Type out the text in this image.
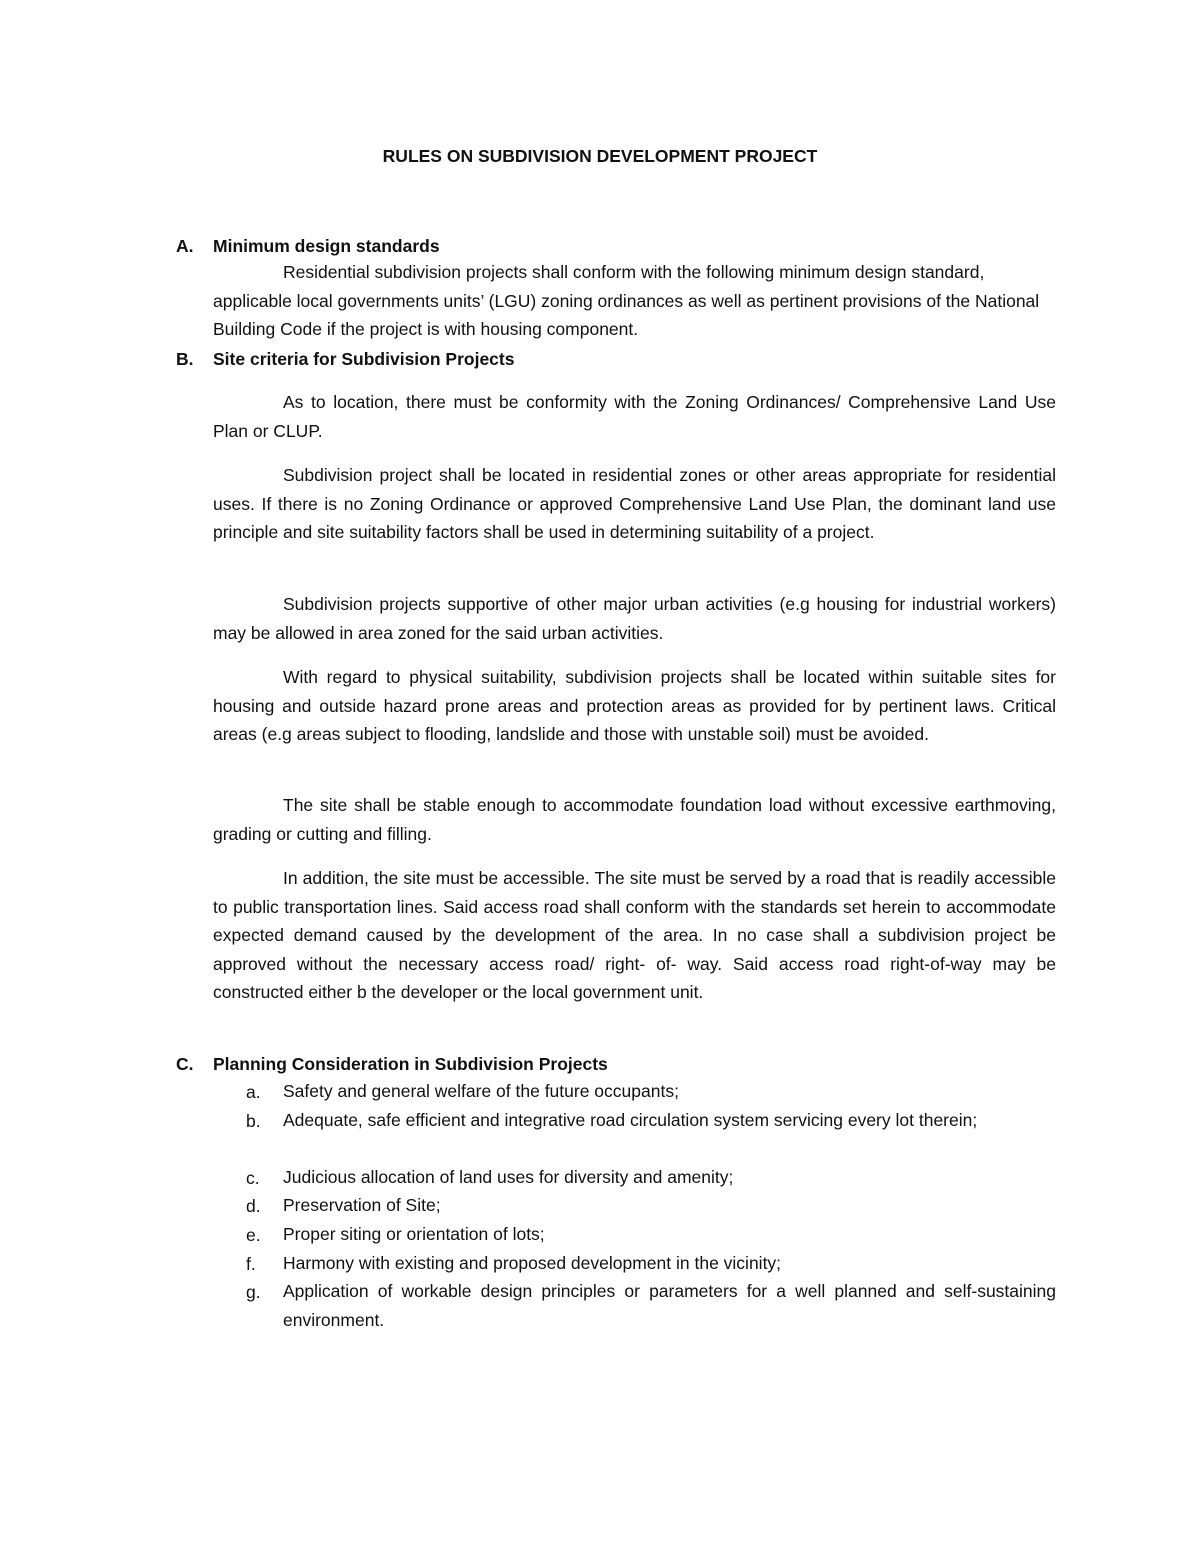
RULES ON SUBDIVISION DEVELOPMENT PROJECT
A. Minimum design standards

Residential subdivision projects shall conform with the following minimum design standard, applicable local governments units’ (LGU) zoning ordinances as well as pertinent provisions of the National Building Code if the project is with housing component.

B. Site criteria for Subdivision Projects

As to location, there must be conformity with the Zoning Ordinances/ Comprehensive Land Use Plan or CLUP.

Subdivision project shall be located in residential zones or other areas appropriate for residential uses. If there is no Zoning Ordinance or approved Comprehensive Land Use Plan, the dominant land use principle and site suitability factors shall be used in determining suitability of a project.

Subdivision projects supportive of other major urban activities (e.g housing for industrial workers) may be allowed in area zoned for the said urban activities.

With regard to physical suitability, subdivision projects shall be located within suitable sites for housing and outside hazard prone areas and protection areas as provided for by pertinent laws. Critical areas (e.g areas subject to flooding, landslide and those with unstable soil) must be avoided.

The site shall be stable enough to accommodate foundation load without excessive earthmoving, grading or cutting and filling.

In addition, the site must be accessible. The site must be served by a road that is readily accessible to public transportation lines. Said access road shall conform with the standards set herein to accommodate expected demand caused by the development of the area. In no case shall a subdivision project be approved without the necessary access road/ right- of- way. Said access road right-of-way may be constructed either b the developer or the local government unit.

C. Planning Consideration in Subdivision Projects
a. Safety and general welfare of the future occupants;

b. Adequate, safe efficient and integrative road circulation system servicing every lot therein;

c. Judicious allocation of land uses for diversity and amenity;

d. Preservation of Site;

e. Proper siting or orientation of lots;

f. Harmony with existing and proposed development in the vicinity;

g. Application of workable design principles or parameters for a well planned and self-sustaining environment.
